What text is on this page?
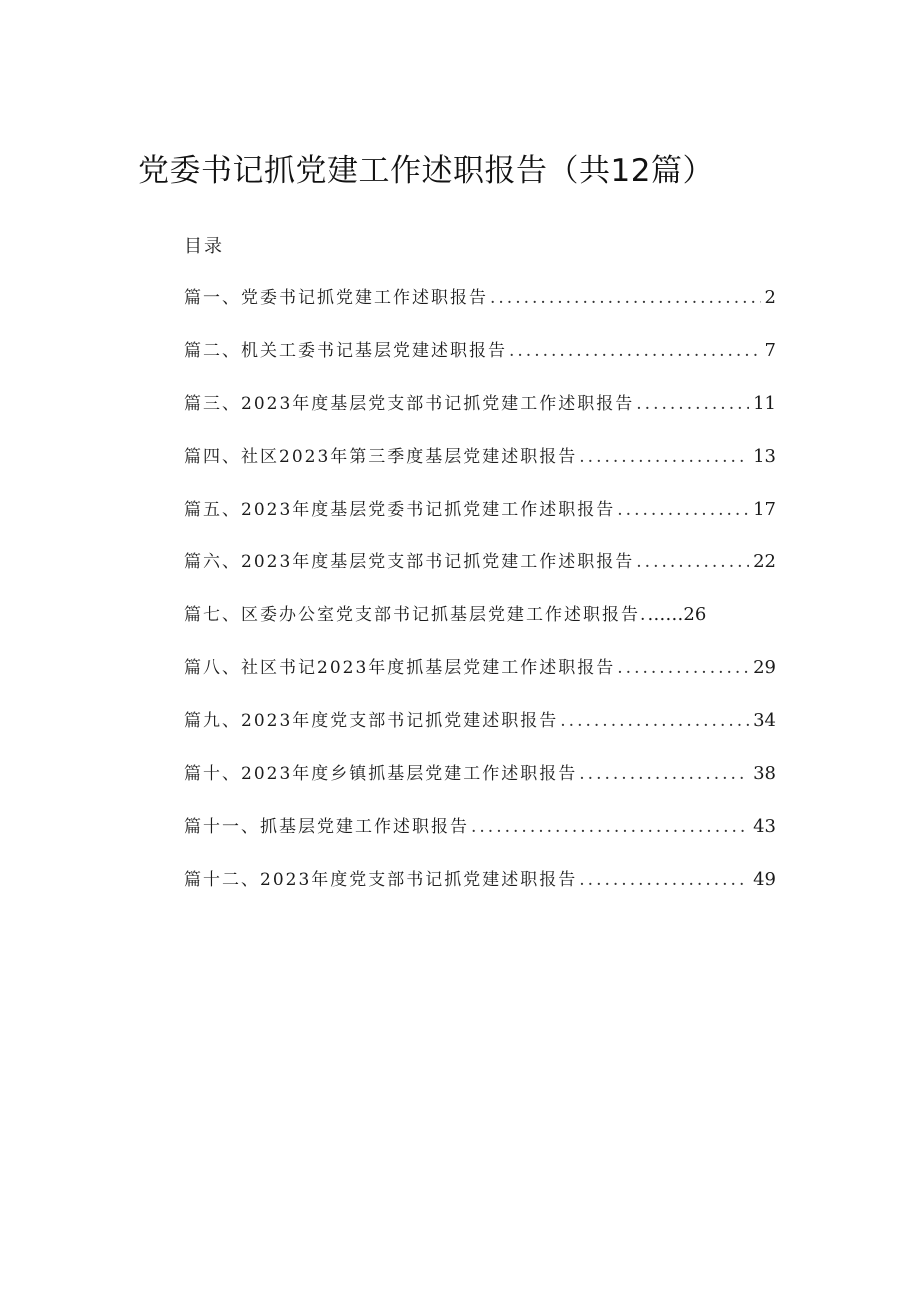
党委书记抓党建工作述职报告（共12篇）
目录
篇一、党委书记抓党建工作述职报告 .....	2
篇二、机关工委书记基层党建述职报告 .....	7
篇三、2023年度基层党支部书记抓党建工作述职报告 .....	11
篇四、社区2023年第三季度基层党建述职报告 .....	13
篇五、2023年度基层党委书记抓党建工作述职报告 .....	17
篇六、2023年度基层党支部书记抓党建工作述职报告 .....	22
篇七、区委办公室党支部书记抓基层党建工作述职报告. ……26
篇八、社区书记2023年度抓基层党建工作述职报告 .....	29
篇九、2023年度党支部书记抓党建述职报告 .....	34
篇十、2023年度乡镇抓基层党建工作述职报告 .....	38
篇十一、抓基层党建工作述职报告 .....	43
篇十二、2023年度党支部书记抓党建述职报告 .....	49
